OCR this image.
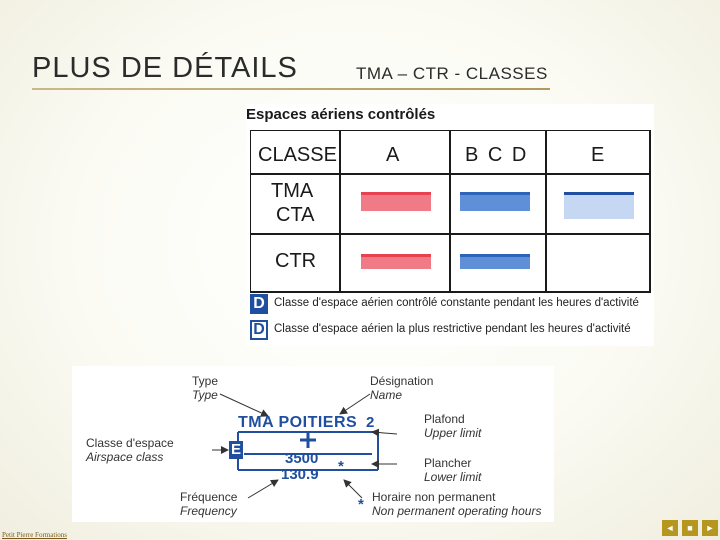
PLUS DE DÉTAILS	TMA – CTR - CLASSES
Espaces aériens contrôlés
CLASSE A	B C D	E
TMA
CTA
CTR
D Classe d'espace aérien contrôlé constante pendant les heures d'activité
D Classe d'espace aérien la plus restrictive pendant les heures d'activité
Type
Type
Désignation
Name
Plafond
Upper limit
Classe d'espace
Airspace class	Plancher
Lower limit
Fréquence
Frequency
Horaire non permanent
Non permanent operating hours
TMA POITIERS 2
E
3500
130.9 *
*
Petit Pierre Formations
◄	■	►
